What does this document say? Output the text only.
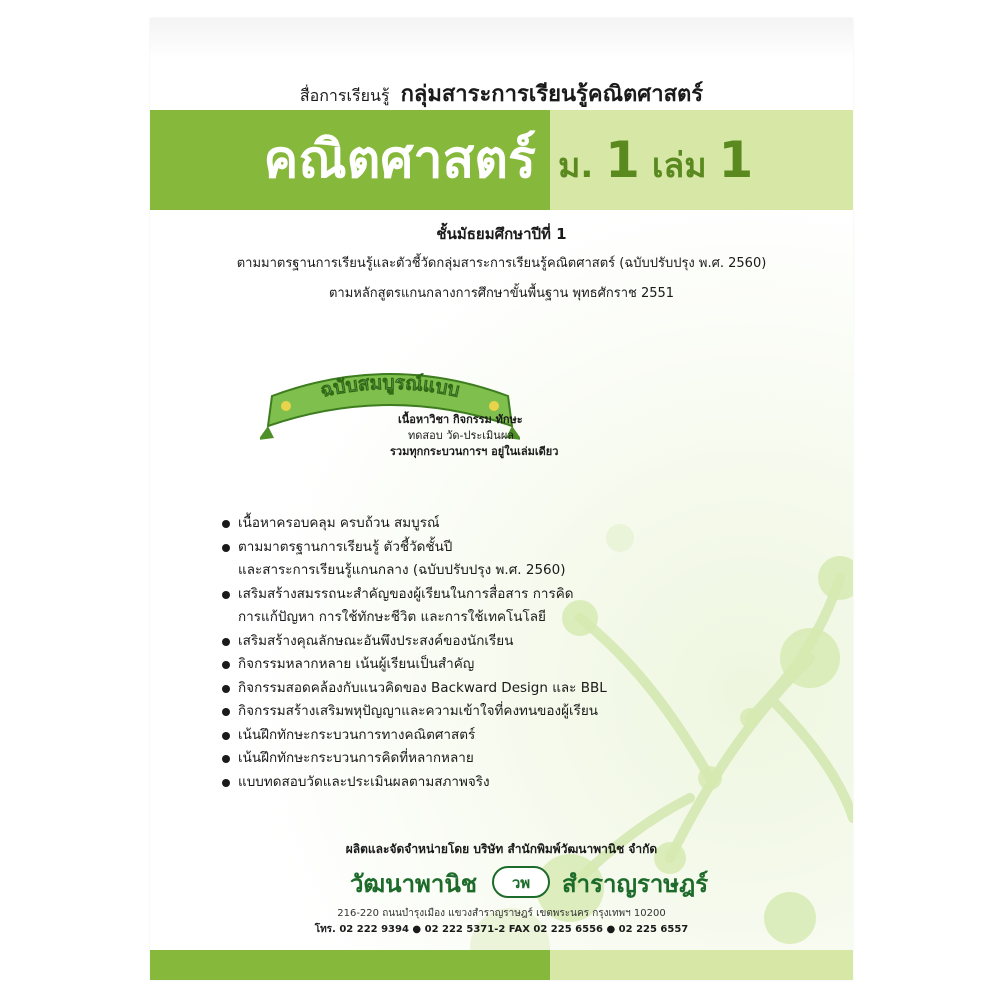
สื่อการเรียนรู้ กลุ่มสาระการเรียนรู้คณิตศาสตร์
คณิตศาสตร์ ม. 1 เล่ม 1
ชั้นมัธยมศึกษาปีที่ 1
ตามมาตรฐานการเรียนรู้และตัวชี้วัดกลุ่มสาระการเรียนรู้คณิตศาสตร์ (ฉบับปรับปรุง พ.ศ. 2560)
ตามหลักสูตรแกนกลางการศึกษาขั้นพื้นฐาน พุทธศักราช 2551
ฉบับสมบูรณ์แบบ
เนื้อหาวิชา กิจกรรม ทักษะ
ทดสอบ วัด-ประเมินผล
รวมทุกกระบวนการฯ อยู่ในเล่มเดียว
เนื้อหาครอบคลุม ครบถ้วน สมบูรณ์
ตามมาตรฐานการเรียนรู้ ตัวชี้วัดชั้นปี
และสาระการเรียนรู้แกนกลาง (ฉบับปรับปรุง พ.ศ. 2560)
เสริมสร้างสมรรถนะสำคัญของผู้เรียนในการสื่อสาร การคิด
การแก้ปัญหา การใช้ทักษะชีวิต และการใช้เทคโนโลยี
เสริมสร้างคุณลักษณะอันพึงประสงค์ของนักเรียน
กิจกรรมหลากหลาย เน้นผู้เรียนเป็นสำคัญ
กิจกรรมสอดคล้องกับแนวคิดของ Backward Design และ BBL
กิจกรรมสร้างเสริมพหุปัญญาและความเข้าใจที่คงทนของผู้เรียน
เน้นฝึกทักษะกระบวนการทางคณิตศาสตร์
เน้นฝึกทักษะกระบวนการคิดที่หลากหลาย
แบบทดสอบวัดและประเมินผลตามสภาพจริง
ผลิตและจัดจำหน่ายโดย บริษัท สำนักพิมพ์วัฒนาพานิช จำกัด
วัฒนาพานิช วพ สำราญราษฎร์
216-220 ถนนบำรุงเมือง แขวงสำราญราษฎร์ เขตพระนคร กรุงเทพฯ 10200
โทร. 02 222 9394 ● 02 222 5371-2 FAX 02 225 6556 ● 02 225 6557
